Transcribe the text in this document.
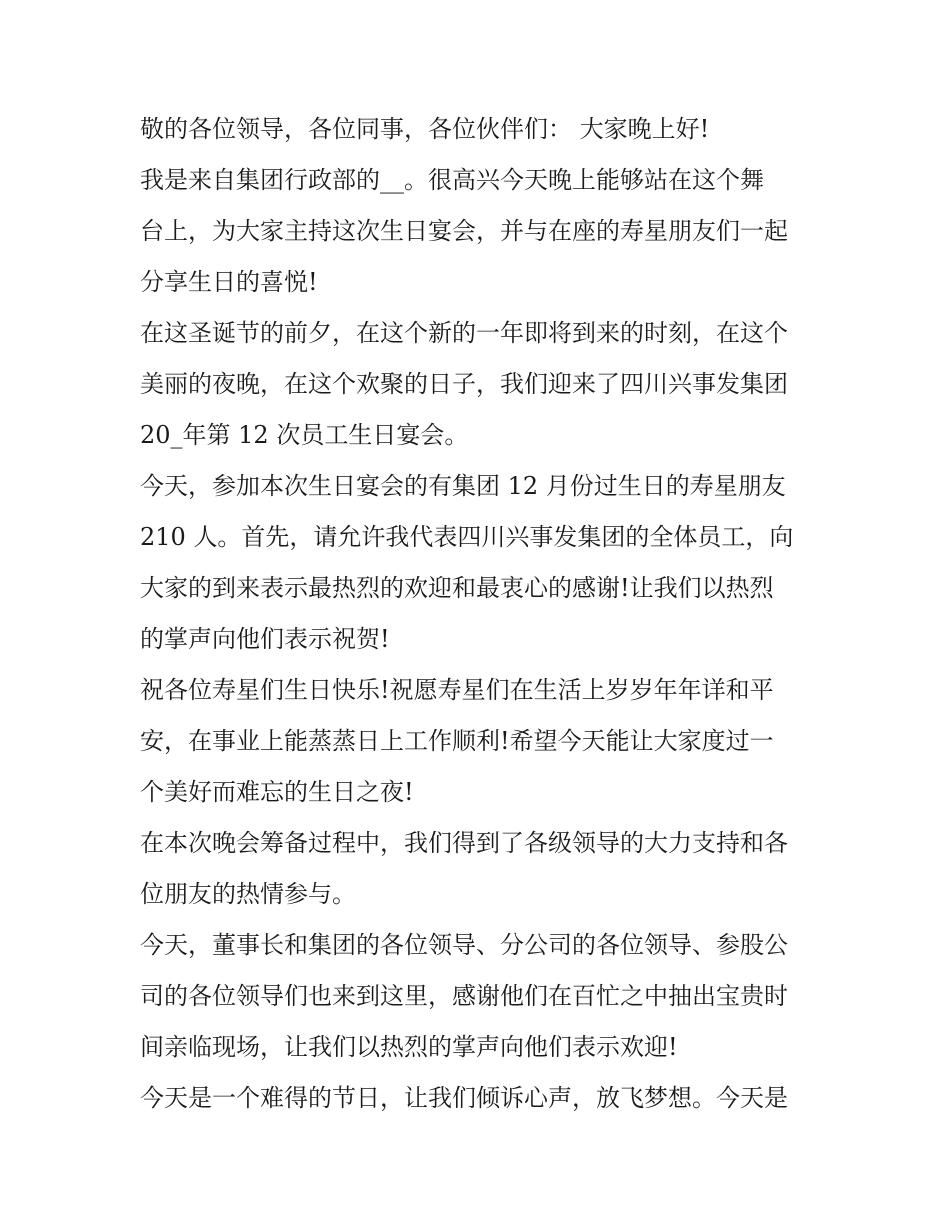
敬的各位领导，各位同事，各位伙伴们： 大家晚上好!
我是来自集团行政部的__。很高兴今天晚上能够站在这个舞
台上，为大家主持这次生日宴会，并与在座的寿星朋友们一起
分享生日的喜悦!
在这圣诞节的前夕，在这个新的一年即将到来的时刻，在这个
美丽的夜晚，在这个欢聚的日子，我们迎来了四川兴事发集团
20_年第 12 次员工生日宴会。
今天，参加本次生日宴会的有集团 12 月份过生日的寿星朋友
210 人。首先，请允许我代表四川兴事发集团的全体员工，向
大家的到来表示最热烈的欢迎和最衷心的感谢!让我们以热烈
的掌声向他们表示祝贺!
祝各位寿星们生日快乐!祝愿寿星们在生活上岁岁年年详和平
安，在事业上能蒸蒸日上工作顺利!希望今天能让大家度过一
个美好而难忘的生日之夜!
在本次晚会筹备过程中，我们得到了各级领导的大力支持和各
位朋友的热情参与。
今天，董事长和集团的各位领导、分公司的各位领导、参股公
司的各位领导们也来到这里，感谢他们在百忙之中抽出宝贵时
间亲临现场，让我们以热烈的掌声向他们表示欢迎!
今天是一个难得的节日，让我们倾诉心声，放飞梦想。今天是
